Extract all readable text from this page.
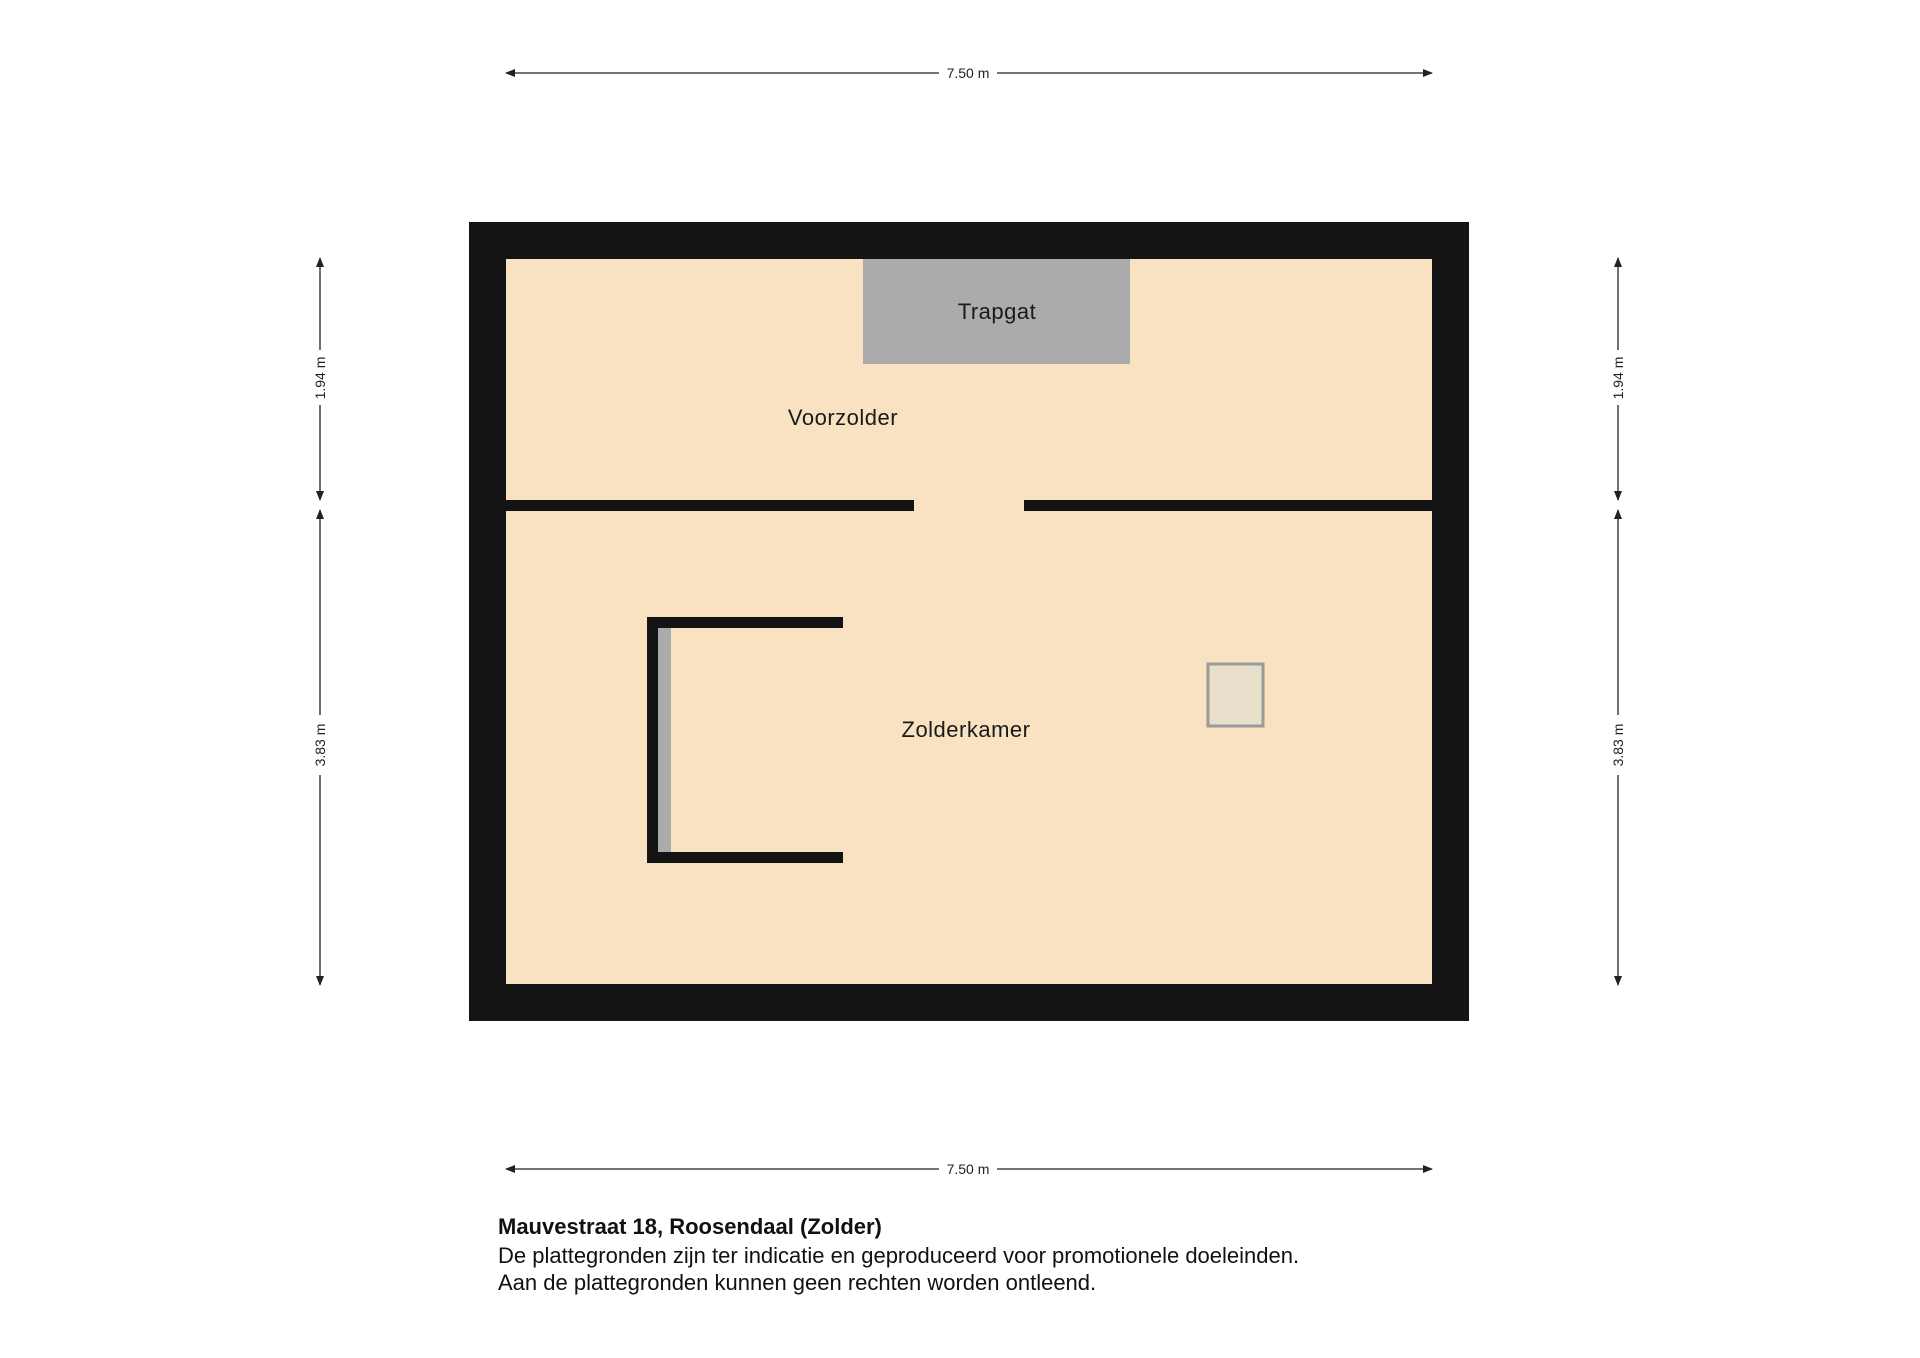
Trapgat
Voorzolder
Zolderkamer
7.50 m
7.50 m
1.94 m
3.83 m
1.94 m
3.83 m
Mauvestraat 18, Roosendaal (Zolder)
De plattegronden zijn ter indicatie en geproduceerd voor promotionele doeleinden.
Aan de plattegronden kunnen geen rechten worden ontleend.
